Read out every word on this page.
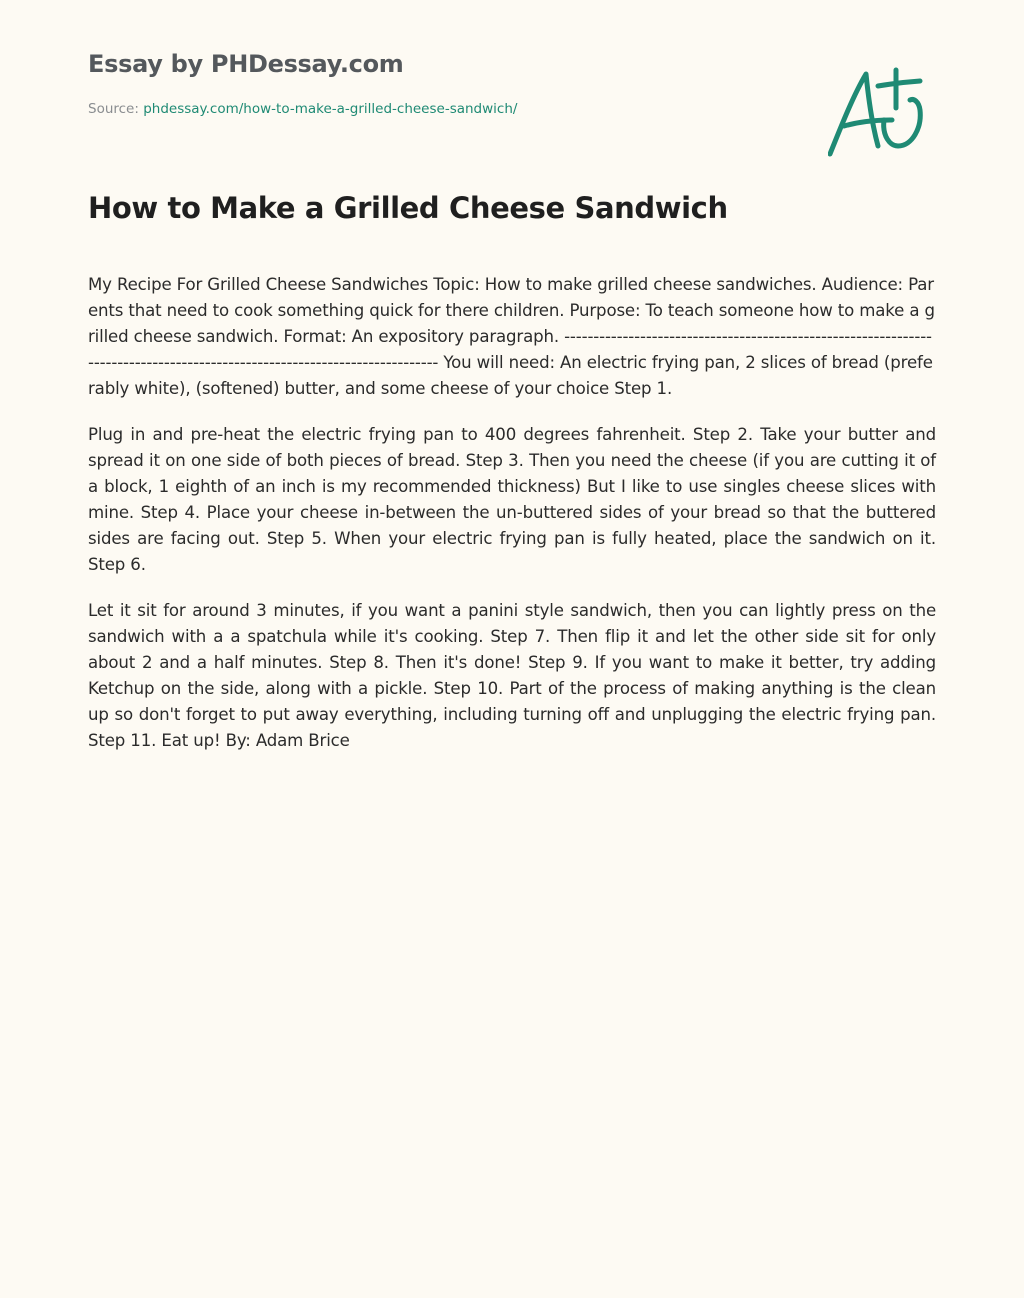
Essay by PHDessay.com
Source: phdessay.com/how-to-make-a-grilled-cheese-sandwich/
How to Make a Grilled Cheese Sandwich

My Recipe For Grilled Cheese Sandwiches Topic: How to make grilled cheese sandwiches. Audience: Parents that need to cook something quick for there children. Purpose: To teach someone how to make a grilled cheese sandwich. Format: An expository paragraph. --------------------------------------------------------------------------------------------------------------------------- You will need: An electric frying pan, 2 slices of bread (preferably white), (softened) butter, and some cheese of your choice Step 1.

Plug in and pre-heat the electric frying pan to 400 degrees fahrenheit. Step 2. Take your butter and spread it on one side of both pieces of bread. Step 3. Then you need the cheese (if you are cutting it of a block, 1 eighth of an inch is my recommended thickness) But I like to use singles cheese slices with mine. Step 4. Place your cheese in-between the un-buttered sides of your bread so that the buttered sides are facing out. Step 5. When your electric frying pan is fully heated, place the sandwich on it. Step 6.

Let it sit for around 3 minutes, if you want a panini style sandwich, then you can lightly press on the sandwich with a a spatchula while it's cooking. Step 7. Then flip it and let the other side sit for only about 2 and a half minutes. Step 8. Then it's done! Step 9. If you want to make it better, try adding Ketchup on the side, along with a pickle. Step 10. Part of the process of making anything is the clean up so don't forget to put away everything, including turning off and unplugging the electric frying pan. Step 11. Eat up! By: Adam Brice
